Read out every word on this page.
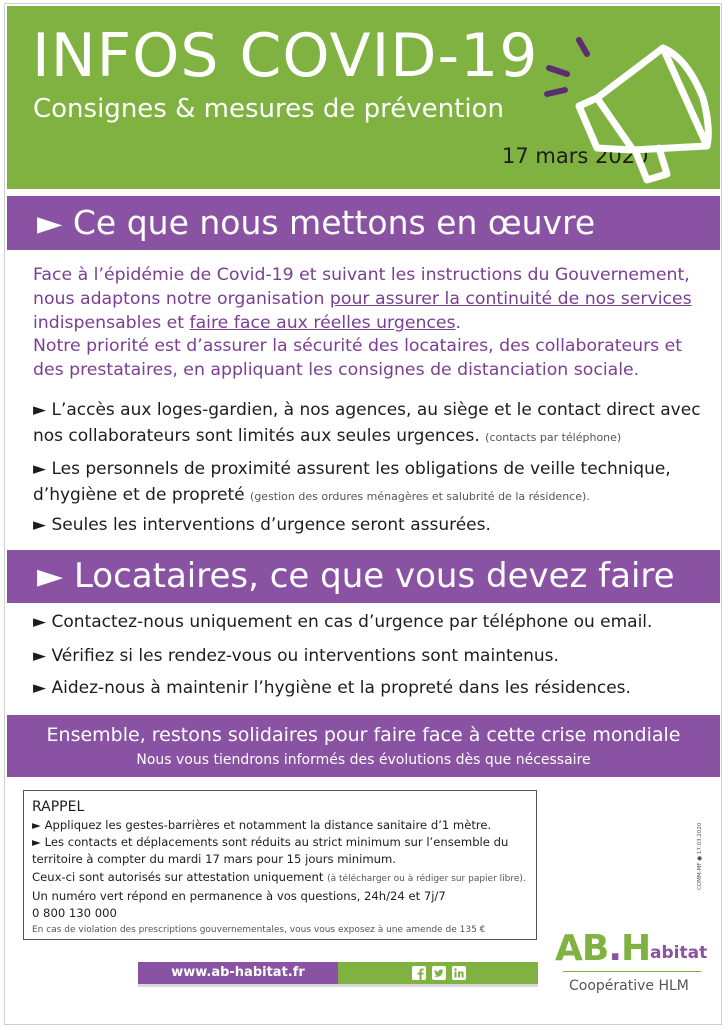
INFOS COVID-19
Consignes & mesures de prévention
17 mars 2020
► Ce que nous mettons en œuvre
Face à l’épidémie de Covid-19 et suivant les instructions du Gouvernement, nous adaptons notre organisation pour assurer la continuité de nos services indispensables et faire face aux réelles urgences.
Notre priorité est d’assurer la sécurité des locataires, des collaborateurs et des prestataires, en appliquant les consignes de distanciation sociale.
► L’accès aux loges-gardien, à nos agences, au siège et le contact direct avec nos collaborateurs sont limités aux seules urgences. (contacts par téléphone)
► Les personnels de proximité assurent les obligations de veille technique, d’hygiène et de propreté (gestion des ordures ménagères et salubrité de la résidence).
► Seules les interventions d’urgence seront assurées.
► Locataires, ce que vous devez faire
► Contactez-nous uniquement en cas d’urgence par téléphone ou email.
► Vérifiez si les rendez-vous ou interventions sont maintenus.
► Aidez-nous à maintenir l’hygiène et la propreté dans les résidences.
Ensemble, restons solidaires pour faire face à cette crise mondiale
Nous vous tiendrons informés des évolutions dès que nécessaire
RAPPEL
► Appliquez les gestes-barrières et notamment la distance sanitaire d’1 mètre.
► Les contacts et déplacements sont réduits au strict minimum sur l’ensemble du territoire à compter du mardi 17 mars pour 15 jours minimum.
Ceux-ci sont autorisés sur attestation uniquement (à télécharger ou à rédiger sur papier libre).
Un numéro vert répond en permanence à vos questions, 24h/24 et 7j/7
0 800 130 000
En cas de violation des prescriptions gouvernementales, vous vous exposez à une amende de 135 €
COMM-MF ● 17.03.2020
AB.H abitat
Coopérative HLM
www.ab-habitat.fr
